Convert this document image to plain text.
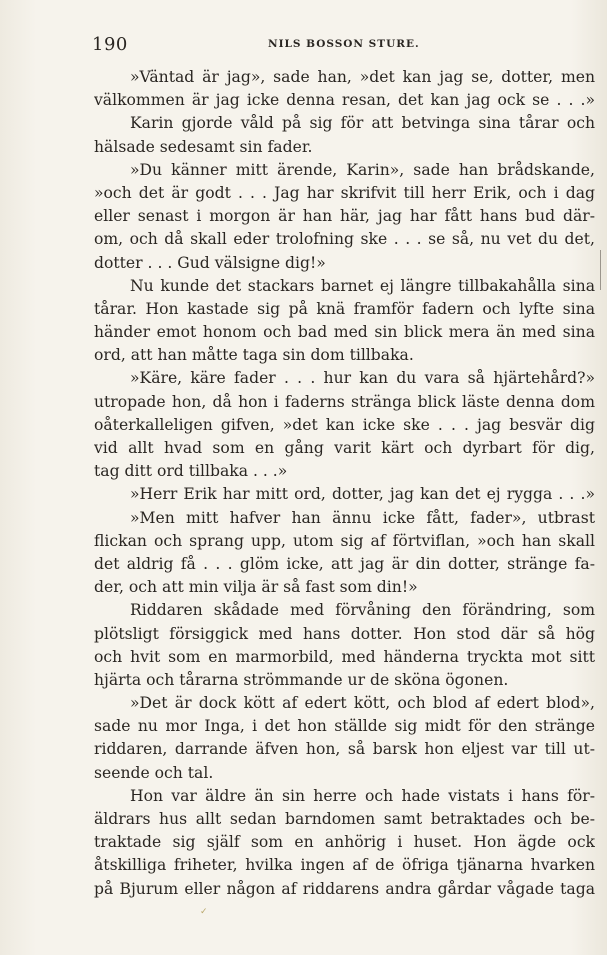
190	NILS BOSSON STURE.
»Väntad är jag», sade han, »det kan jag se, dotter, men
välkommen är jag icke denna resan, det kan jag ock se . . .»
Karin gjorde våld på sig för att betvinga sina tårar och
hälsade sedesamt sin fader.
»Du känner mitt ärende, Karin», sade han brådskande,
»och det är godt . . . Jag har skrifvit till herr Erik, och i dag
eller senast i morgon är han här, jag har fått hans bud där-
om, och då skall eder trolofning ske . . . se så, nu vet du det,
dotter . . . Gud välsigne dig!»
Nu kunde det stackars barnet ej längre tillbakahålla sina
tårar. Hon kastade sig på knä framför fadern och lyfte sina
händer emot honom och bad med sin blick mera än med sina
ord, att han måtte taga sin dom tillbaka.
»Käre, käre fader . . . hur kan du vara så hjärtehård?»
utropade hon, då hon i faderns stränga blick läste denna dom
oåterkalleligen gifven, »det kan icke ske . . . jag besvär dig
vid allt hvad som en gång varit kärt och dyrbart för dig,
tag ditt ord tillbaka . . .»
»Herr Erik har mitt ord, dotter, jag kan det ej rygga . . .»
»Men mitt hafver han ännu icke fått, fader», utbrast
flickan och sprang upp, utom sig af förtviflan, »och han skall
det aldrig få . . . glöm icke, att jag är din dotter, stränge fa-
der, och att min vilja är så fast som din!»
Riddaren skådade med förvåning den förändring, som
plötsligt försiggick med hans dotter. Hon stod där så hög
och hvit som en marmorbild, med händerna tryckta mot sitt
hjärta och tårarna strömmande ur de sköna ögonen.
»Det är dock kött af edert kött, och blod af edert blod»,
sade nu mor Inga, i det hon ställde sig midt för den stränge
riddaren, darrande äfven hon, så barsk hon eljest var till ut-
seende och tal.
Hon var äldre än sin herre och hade vistats i hans för-
äldrars hus allt sedan barndomen samt betraktades och be-
traktade sig själf som en anhörig i huset. Hon ägde ock
åtskilliga friheter, hvilka ingen af de öfriga tjänarna hvarken
på Bjurum eller någon af riddarens andra gårdar vågade taga
✓
